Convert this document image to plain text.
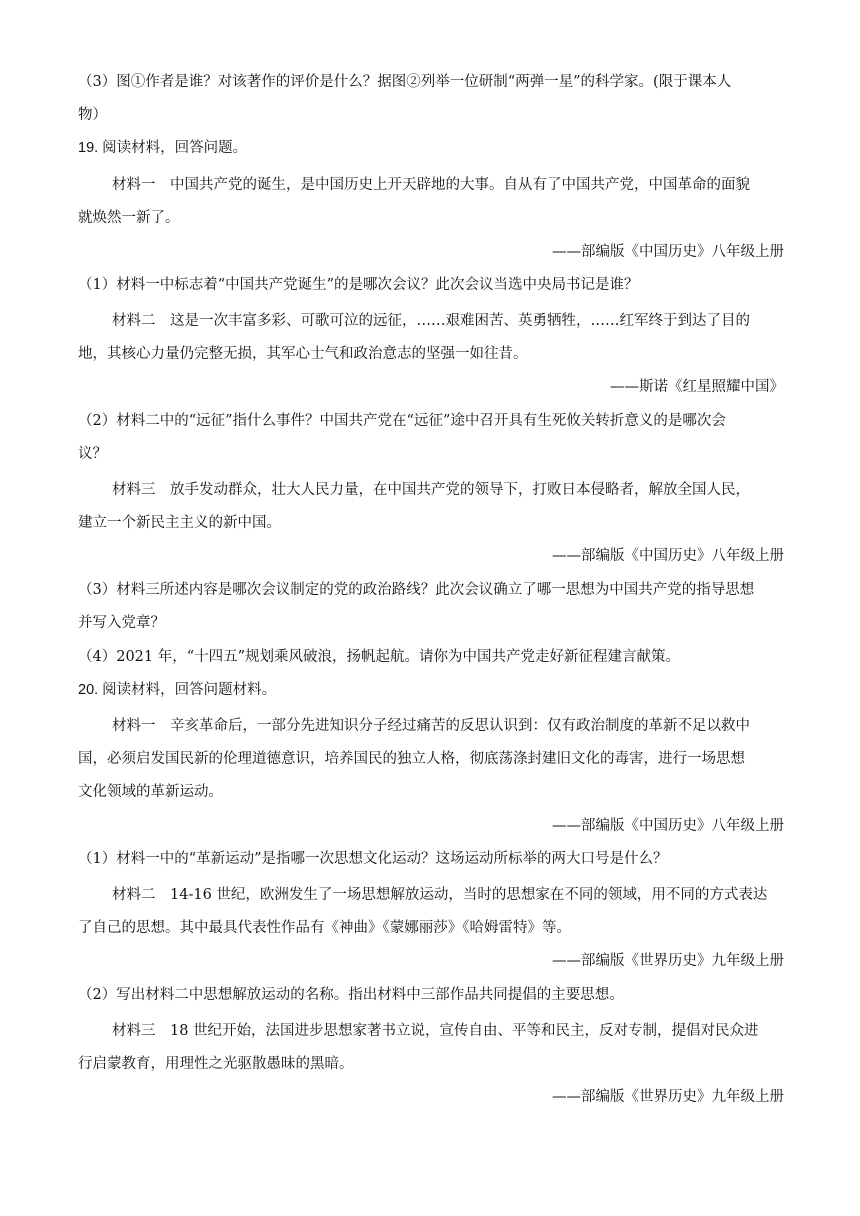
（3）图①作者是谁？对该著作的评价是什么？据图②列举一位研制“两弹一星”的科学家。(限于课本人
物）
19. 阅读材料，回答问题。
材料一　中国共产党的诞生，是中国历史上开天辟地的大事。自从有了中国共产党，中国革命的面貌
就焕然一新了。
——部编版《中国历史》八年级上册
（1）材料一中标志着“中国共产党诞生”的是哪次会议？此次会议当选中央局书记是谁？
材料二　这是一次丰富多彩、可歌可泣的远征，……艰难困苦、英勇牺牲，……红军终于到达了目的
地，其核心力量仍完整无损，其军心士气和政治意志的坚强一如往昔。
——斯诺《红星照耀中国》
（2）材料二中的“远征”指什么事件？中国共产党在“远征”途中召开具有生死攸关转折意义的是哪次会
议？
材料三　放手发动群众，壮大人民力量，在中国共产党的领导下，打败日本侵略者，解放全国人民，
建立一个新民主主义的新中国。
——部编版《中国历史》八年级上册
（3）材料三所述内容是哪次会议制定的党的政治路线？此次会议确立了哪一思想为中国共产党的指导思想
并写入党章？
（4）2021 年，“十四五”规划乘风破浪，扬帆起航。请你为中国共产党走好新征程建言献策。
20. 阅读材料，回答问题材料。
材料一　辛亥革命后，一部分先进知识分子经过痛苦的反思认识到：仅有政治制度的革新不足以救中
国，必须启发国民新的伦理道德意识，培养国民的独立人格，彻底荡涤封建旧文化的毒害，进行一场思想
文化领域的革新运动。
——部编版《中国历史》八年级上册
（1）材料一中的“革新运动”是指哪一次思想文化运动？这场运动所标举的两大口号是什么？
材料二　14-16 世纪，欧洲发生了一场思想解放运动，当时的思想家在不同的领域，用不同的方式表达
了自己的思想。其中最具代表性作品有《神曲》《蒙娜丽莎》《哈姆雷特》等。
——部编版《世界历史》九年级上册
（2）写出材料二中思想解放运动的名称。指出材料中三部作品共同提倡的主要思想。
材料三　18 世纪开始，法国进步思想家著书立说，宣传自由、平等和民主，反对专制，提倡对民众进
行启蒙教育，用理性之光驱散愚昧的黑暗。
——部编版《世界历史》九年级上册
